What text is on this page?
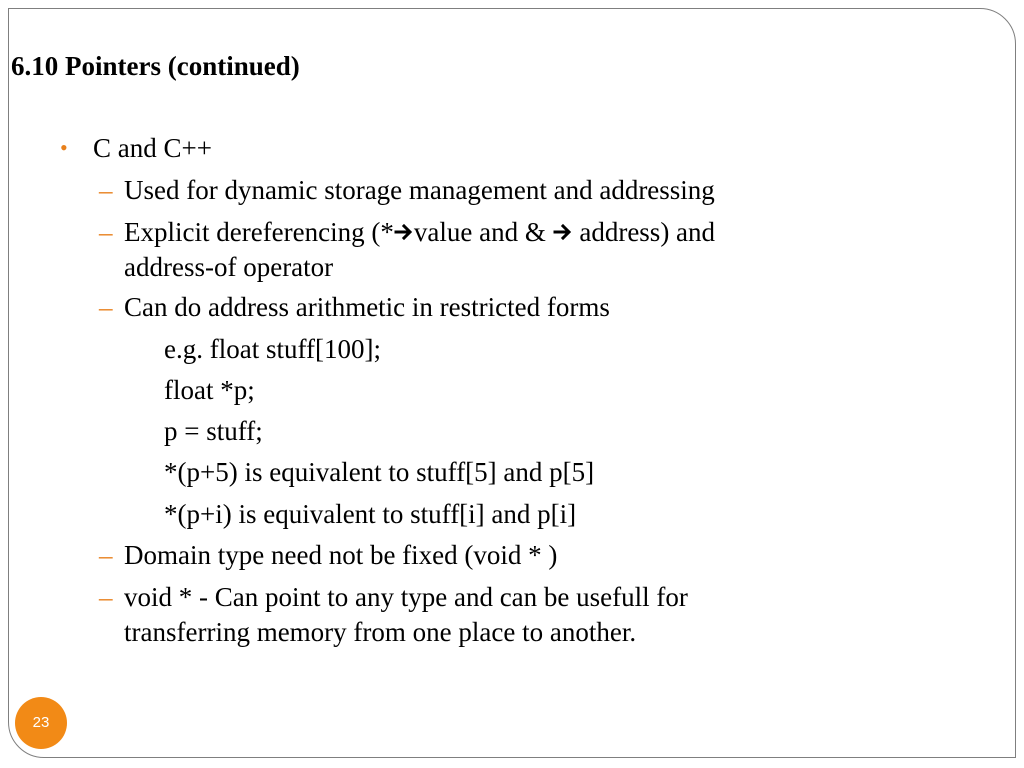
6.10 Pointers (continued)
•
C and C++
–
Used for dynamic storage management and addressing
–
Explicit dereferencing (* value and &  address) and
address-of operator
–
Can do address arithmetic in restricted forms
e.g. float stuff[100];
float *p;
p = stuff;
*(p+5) is equivalent to stuff[5] and p[5]
*(p+i) is equivalent to stuff[i] and p[i]
–
Domain type need not be fixed (void * )
–
void * - Can point to any type and can be usefull for
transferring memory from one place to another.
23
